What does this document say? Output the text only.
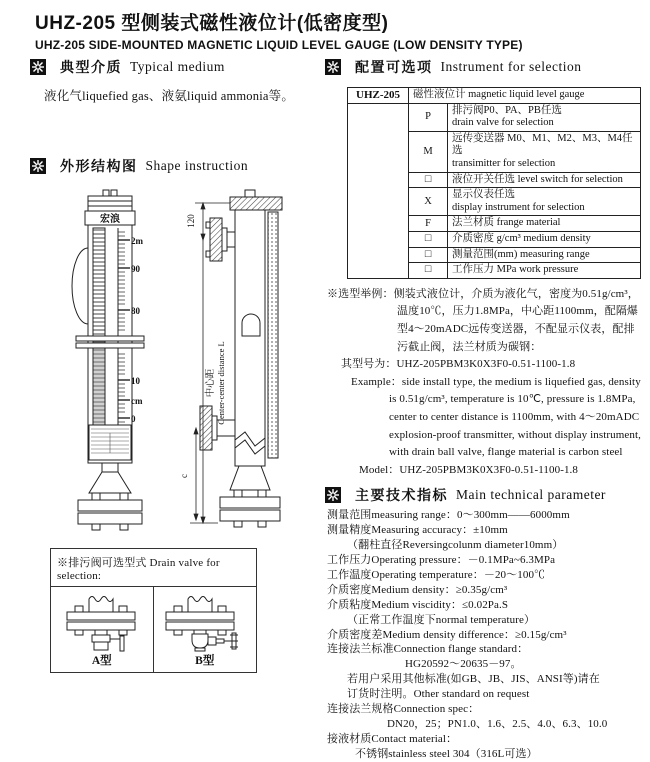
UHZ-205 型侧装式磁性液位计(低密度型)
UHZ-205 SIDE-MOUNTED MAGNETIC LIQUID LEVEL GAUGE (LOW DENSITY TYPE)
典型介质 Typical medium
液化气liquefied gas、液氨liquid ammonia等。
外形结构图 Shape instruction
宏浪
2m
90
80
10
cm
0
120
中心距 Center-center distance L
c
※排污阀可选型式 Drain valve for selection:
A型	B型
配置可选项 Instrument for selection
UHZ-205	磁性液位计 magnetic liquid level gauge	
	P	排污阀P0、PA、PB任选
drain valve for selection

	M	远传变送器 M0、M1、M2、M3、M4任选
transimitter for selection

	□	液位开关任选 level switch for selection
	X	显示仪表任选
display instrument for selection

	F	法兰材质 frange material
	□	介质密度 g/cm³ medium density
	□	测量范围(mm) measuring range
	□	工作压力 MPa work pressure
※选型举例：侧装式液位计，介质为液化气，密度为0.51g/cm³，
温度10℃，压力1.8MPa，中心距1100mm，配隔爆
型4～20mADC远传变送器，不配显示仪表，配排
污截止阀，法兰材质为碳钢：
其型号为：UHZ-205PBM3K0X3F0-0.51-1100-1.8
Example：side install type, the medium is liquefied gas, density
is 0.51g/cm³, temperature is 10℃, pressure is 1.8MPa,
center to center distance is 1100mm, with 4～20mADC
explosion-proof transmitter, without display instrument,
with drain ball valve, flange material is carbon steel
Model：UHZ-205PBM3K0X3F0-0.51-1100-1.8
主要技术指标 Main technical parameter
测量范围measuring range：0～300mm——6000mm
测量精度Measuring accuracy：±10mm
（翻柱直径Reversingcolunm diameter10mm）
工作压力Operating pressure：－0.1MPa~6.3MPa
工作温度Operating temperature：－20～100℃
介质密度Medium density：≥0.35g/cm³
介质粘度Medium viscidity：≤0.02Pa.S
（正常工作温度下normal temperature）
介质密度差Medium density difference：≥0.15g/cm³
连接法兰标准Connection flange standard：
HG20592～20635－97。
若用户采用其他标准(如GB、JB、JIS、ANSI等)请在
订货时注明。Other standard on request
连接法兰规格Connection spec：
DN20，25；PN1.0、1.6、2.5、4.0、6.3、10.0
接液材质Contact material：
不锈钢stainless steel 304（316L可选）
